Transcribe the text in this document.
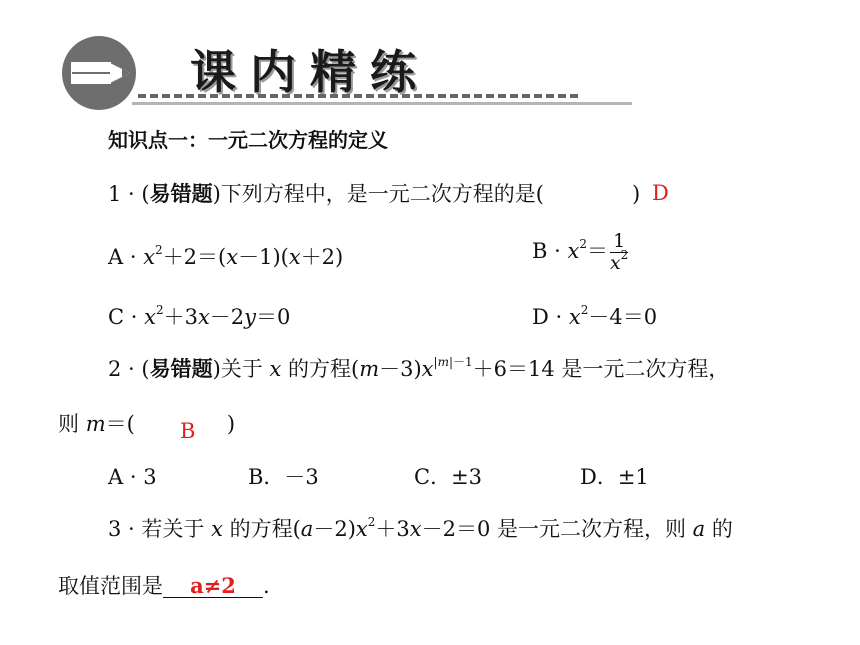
课内精练
知识点一：一元二次方程的定义
1 · (易错题)下列方程中，是一元二次方程的是(	) D
$A \cdot x^2+2=(x-1)(x+2)$	$B \cdot x^2= \frac{1}{x^2}$
$C \cdot x^2+3x-2y=0$	$D \cdot x^2-4=0$
2 · (易错题)关于 x 的方程$(m-3)x^{|m|-1}+6=14$ 是一元二次方程，
则 m＝(	)
B
A · 3	B．－3	C．±3	D．±1
3 · 若关于 x 的方程$(a-2)x^2+3x-2=0$ 是一元二次方程，则 a 的
取值范围是 a≠2 .
